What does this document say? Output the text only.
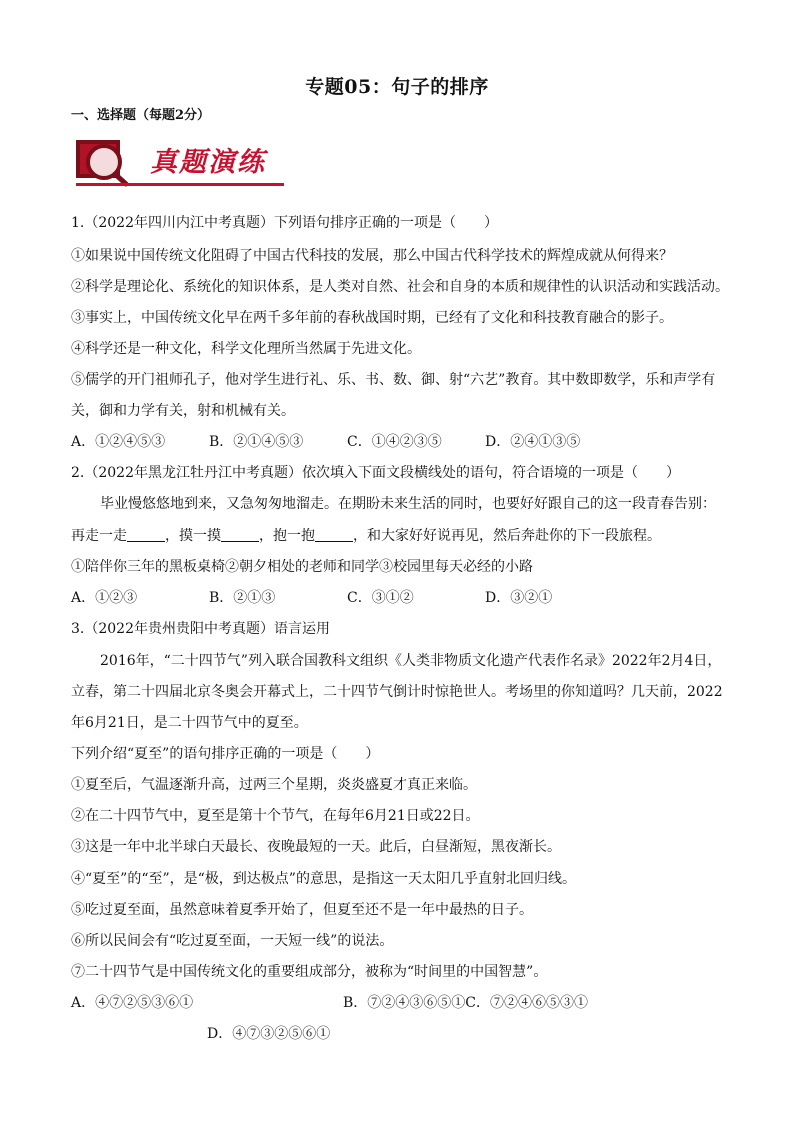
专题05：句子的排序
一、选择题（每题2分）
真题演练
1.（2022年四川内江中考真题）下列语句排序正确的一项是（　　）
①如果说中国传统文化阻碍了中国古代科技的发展，那么中国古代科学技术的辉煌成就从何得来？
②科学是理论化、系统化的知识体系，是人类对自然、社会和自身的本质和规律性的认识活动和实践活动。
③事实上，中国传统文化早在两千多年前的春秋战国时期，已经有了文化和科技教育融合的影子。
④科学还是一种文化，科学文化理所当然属于先进文化。
⑤儒学的开门祖师孔子，他对学生进行礼、乐、书、数、御、射“六艺”教育。其中数即数学，乐和声学有
关，御和力学有关，射和机械有关。
A．①②④⑤③	B．②①④⑤③	C．①④②③⑤	D．②④①③⑤
2.（2022年黑龙江牡丹江中考真题）依次填入下面文段横线处的语句，符合语境的一项是（　　）
毕业慢悠悠地到来，又急匆匆地溜走。在期盼未来生活的同时，也要好好跟自己的这一段青春告别：
再走一走	，摸一摸	，抱一抱	，和大家好好说再见，然后奔赴你的下一段旅程。
①陪伴你三年的黑板桌椅②朝夕相处的老师和同学③校园里每天必经的小路
A．①②③	B．②①③	C．③①②	D．③②①
3.（2022年贵州贵阳中考真题）语言运用
2016年，“二十四节气”列入联合国教科文组织《人类非物质文化遗产代表作名录》2022年2月4日，
立春，第二十四届北京冬奥会开幕式上，二十四节气倒计时惊艳世人。考场里的你知道吗？几天前，2022
年6月21日，是二十四节气中的夏至。
下列介绍“夏至”的语句排序正确的一项是（　　）
①夏至后，气温逐渐升高，过两三个星期，炎炎盛夏才真正来临。
②在二十四节气中，夏至是第十个节气，在每年6月21日或22日。
③这是一年中北半球白天最长、夜晚最短的一天。此后，白昼渐短，黑夜渐长。
④“夏至”的“至”，是“极，到达极点”的意思，是指这一天太阳几乎直射北回归线。
⑤吃过夏至面，虽然意味着夏季开始了，但夏至还不是一年中最热的日子。
⑥所以民间会有“吃过夏至面，一天短一线”的说法。
⑦二十四节气是中国传统文化的重要组成部分，被称为“时间里的中国智慧”。
A．④⑦②⑤③⑥①	B．⑦②④③⑥⑤①C．⑦②④⑥⑤③①
D．④⑦③②⑤⑥①
